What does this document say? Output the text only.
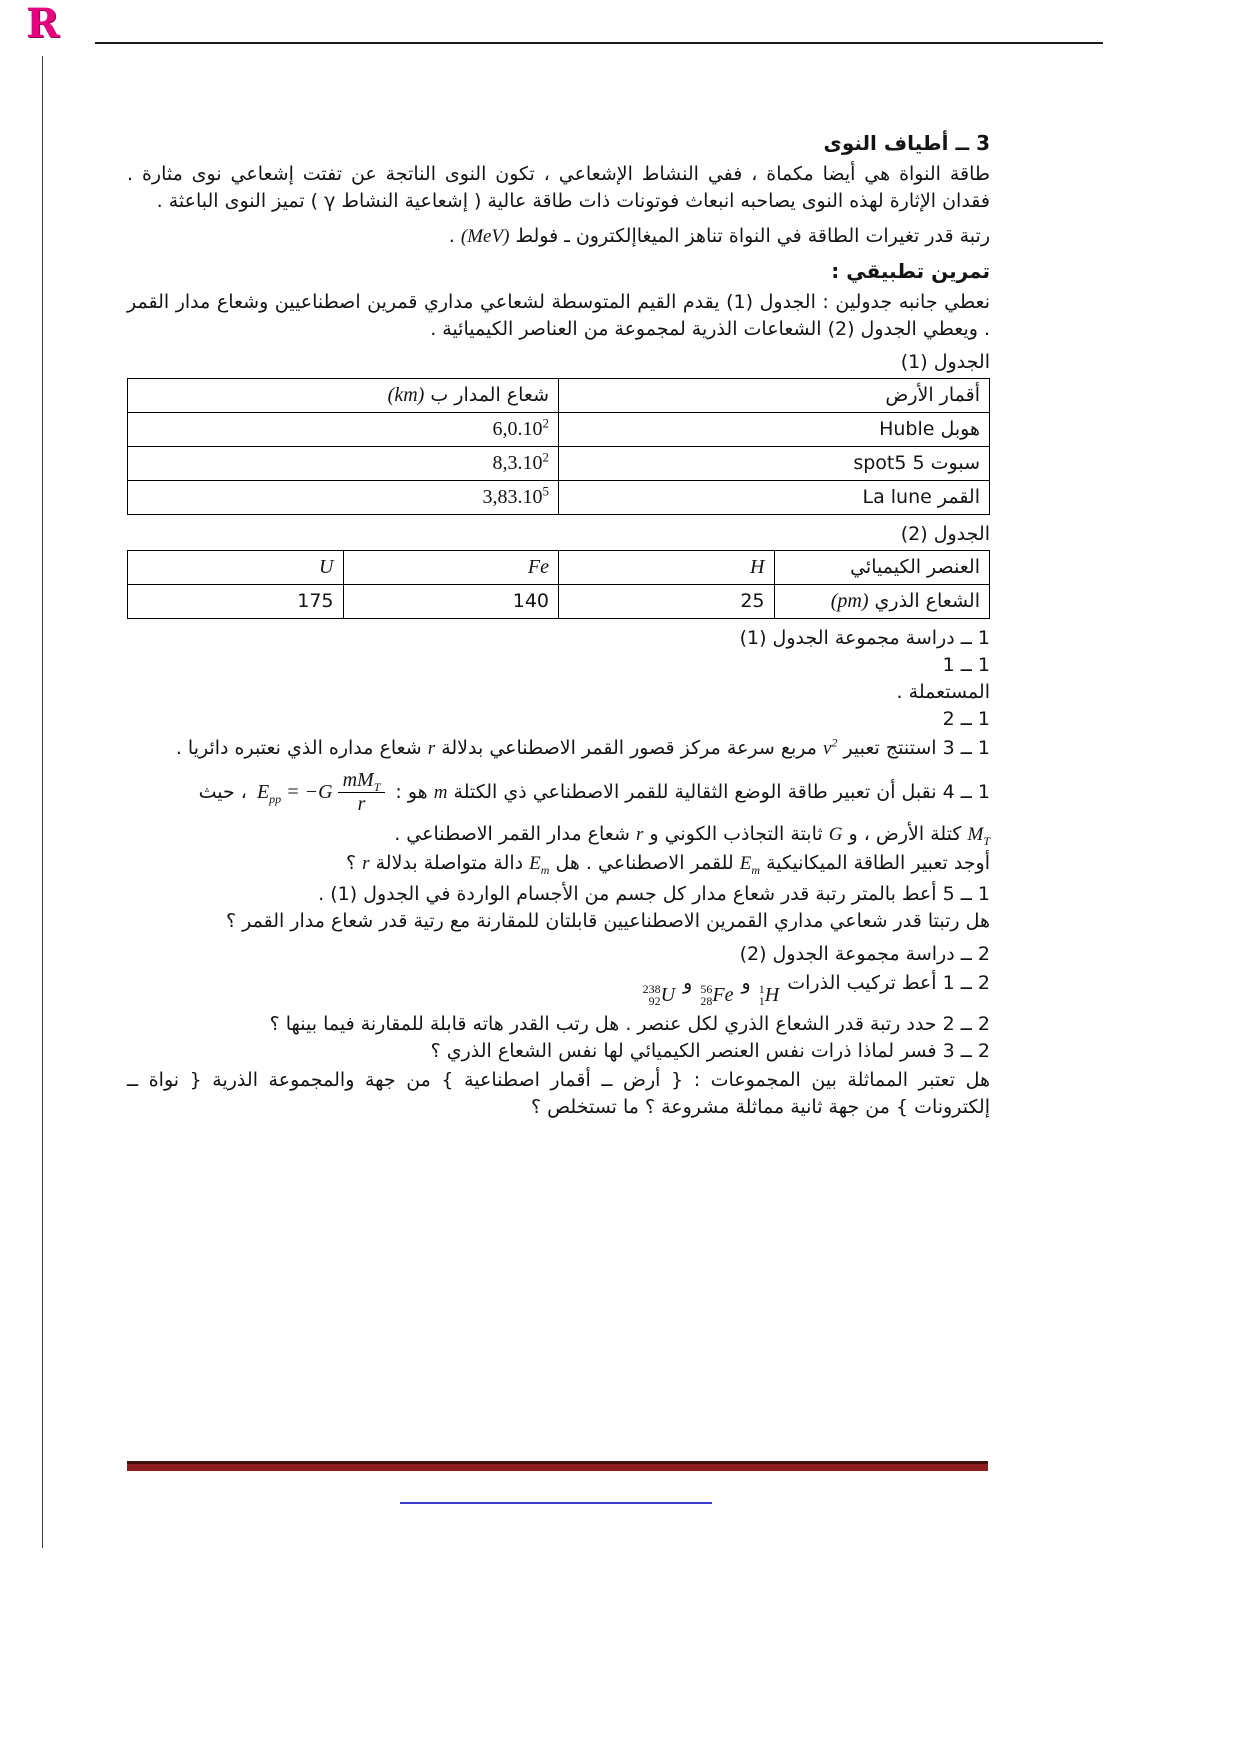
R

3 ــ أطياف النوى

طاقة النواة هي أيضا مكماة ، ففي النشاط الإشعاعي ، تكون النوى الناتجة عن تفتت إشعاعي نوى مثارة . فقدان الإثارة لهذه النوى يصاحبه انبعاث فوتونات ذات طاقة عالية ( إشعاعية النشاط γ ) تميز النوى الباعثة .

رتبة قدر تغيرات الطاقة في النواة تناهز الميغاإلكترون ـ فولط (MeV) .

تمرين تطبيقي :

نعطي جانبه جدولين : الجدول (1) يقدم القيم المتوسطة لشعاعي مداري قمرين اصطناعيين وشعاع مدار القمر . ويعطي الجدول (2) الشعاعات الذرية لمجموعة من العناصر الكيميائية .

الجدول (1)

أقمار الأرض	شعاع المدار ب (km)
هوبل Huble	6,0.10$^2$
سبوت spot5 5	8,3.10$^2$
القمر La lune	3,83.10$^5$

الجدول (2)

العنصر الكيميائي	H	Fe	U
الشعاع الذري (pm)	25	140	175

1 ــ دراسة مجموعة الجدول (1)

1 ــ 1

المستعملة .

1 ــ 2

1 ــ 3 استنتج تعبير $v^2$ مربع سرعة مركز قصور القمر الاصطناعي بدلالة r شعاع مداره الذي نعتبره دائريا .

1 ــ 4 نقبل أن تعبير طاقة الوضع الثقالية للقمر الاصطناعي ذي الكتلة m هو :
$E_{pp} = -G \frac{mM_T}{r}$
، حيث

$M_T$ كتلة الأرض ، و G ثابتة التجاذب الكوني و r شعاع مدار القمر الاصطناعي .

أوجد تعبير الطاقة الميكانيكية $E_m$ للقمر الاصطناعي . هل $E_m$ دالة متواصلة بدلالة r ؟

1 ــ 5 أعط بالمتر رتبة قدر شعاع مدار كل جسم من الأجسام الواردة في الجدول (1) .

هل رتبتا قدر شعاعي مداري القمرين الاصطناعيين قابلتان للمقارنة مع رتية قدر شعاع مدار القمر ؟

2 ــ دراسة مجموعة الجدول (2)

2 ــ 1 أعط تركيب الذرات
1
1 H
و
56
28 Fe
و
238
92 U

2 ــ 2 حدد رتبة قدر الشعاع الذري لكل عنصر . هل رتب القدر هاته قابلة للمقارنة فيما بينها ؟

2 ــ 3 فسر لماذا ذرات نفس العنصر الكيميائي لها نفس الشعاع الذري ؟

هل تعتبر المماثلة بين المجموعات : { أرض ــ أقمار اصطناعية } من جهة والمجموعة الذرية { نواة ــ إلكترونات } من جهة ثانية مماثلة مشروعة ؟ ما تستخلص ؟
